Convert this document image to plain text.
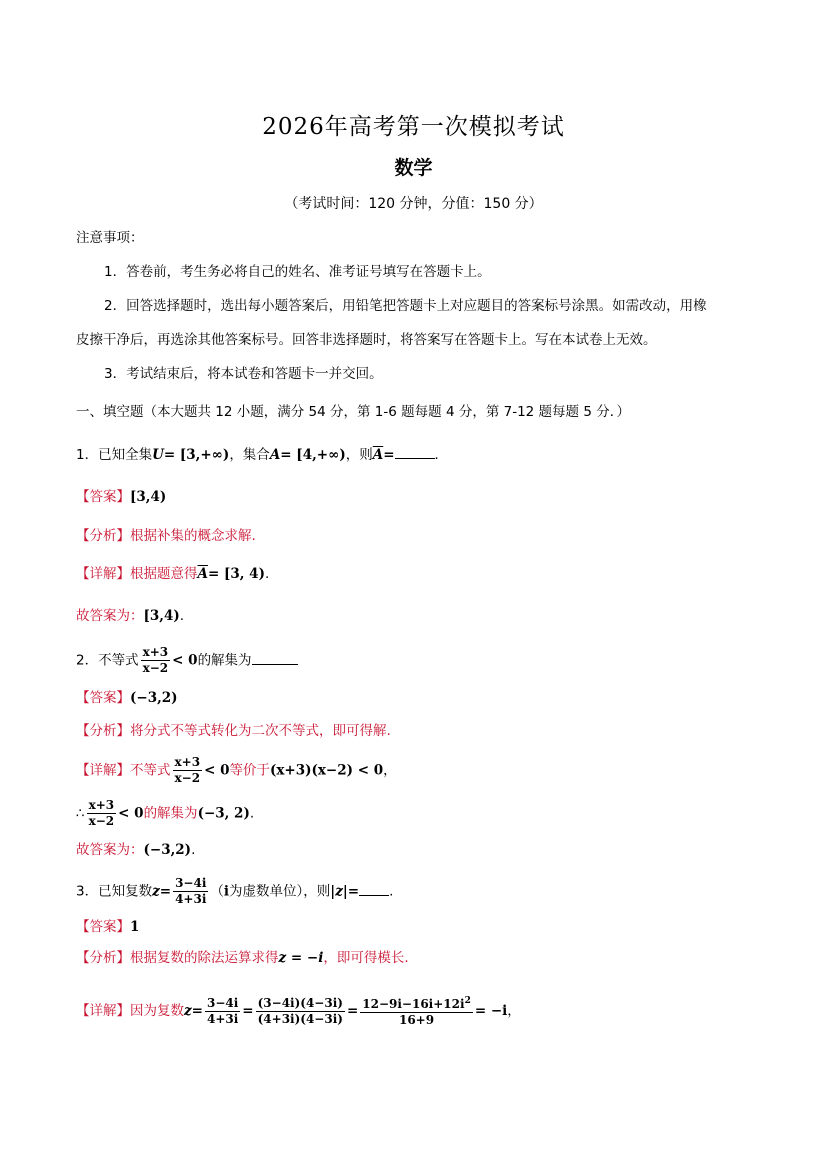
2026年高考第一次模拟考试
数学
（考试时间：120 分钟，分值：150 分）
注意事项：
1．答卷前，考生务必将自己的姓名、准考证号填写在答题卡上。
2．回答选择题时，选出每小题答案后，用铅笔把答题卡上对应题目的答案标号涂黑。如需改动，用橡
皮擦干净后，再选涂其他答案标号。回答非选择题时，将答案写在答题卡上。写在本试卷上无效。
3．考试结束后，将本试卷和答题卡一并交回。
一、填空题（本大题共 12 小题，满分 54 分，第 1-6 题每题 4 分，第 7-12 题每题 5 分．）
1．已知全集U= [3,+∞)，集合A= [4,+∞)，则$\overline{A}=$	．
【答案】[3,4)
【分析】根据补集的概念求解.
【详解】根据题意得$\overline{A}= [3$, 4).
故答案为：[3,4).
2．不等式 $\frac{x+3}{x-2} < 0$的解集为
【答案】(−3,2)
【分析】将分式不等式转化为二次不等式，即可得解.
【详解】不等式 $\frac{x+3}{x-2} < 0$等价于(x+3)(x−2) < 0，
∴ $\frac{x+3}{x-2} < 0$的解集为(−3, 2).
故答案为：(−3,2).
3．已知复数$z= \frac{3-4i}{4+3i} (i$为虚数单位），则|z|= .
【答案】1
【分析】根据复数的除法运算求得z = −i，即可得模长.
【详解】因为复数$z= \frac{3-4i}{4+3i} = \frac{(3-4i)(4-3i)}{(4+3i)(4-3i)} = \frac{12-9i-16i+12i^2}{16+9} = -i$，
